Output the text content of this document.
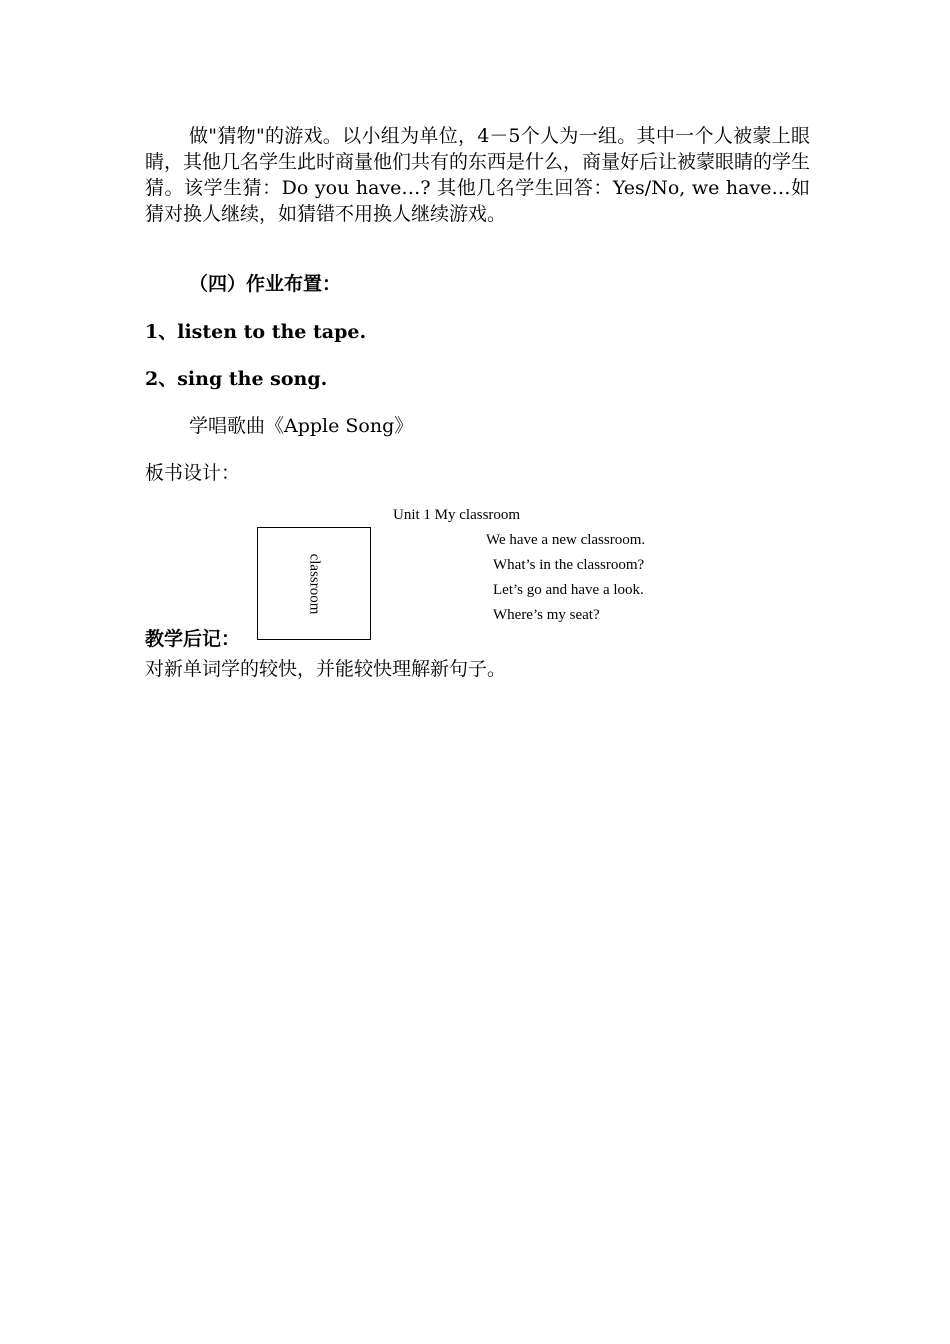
做"猜物"的游戏。以小组为单位，4－5个人为一组。其中一个人被蒙上眼睛，其他几名学生此时商量他们共有的东西是什么，商量好后让被蒙眼睛的学生猜。该学生猜：Do you have…? 其他几名学生回答：Yes/No, we have…如猜对换人继续，如猜错不用换人继续游戏。

（四）作业布置：

1、listen to the tape.

2、sing the song.

学唱歌曲《Apple Song》

板书设计：

classroom

Unit 1 My classroom

We have a new classroom.

What’s in the classroom?

Let’s go and have a look.

Where’s my seat?

教学后记：

对新单词学的较快，并能较快理解新句子。
